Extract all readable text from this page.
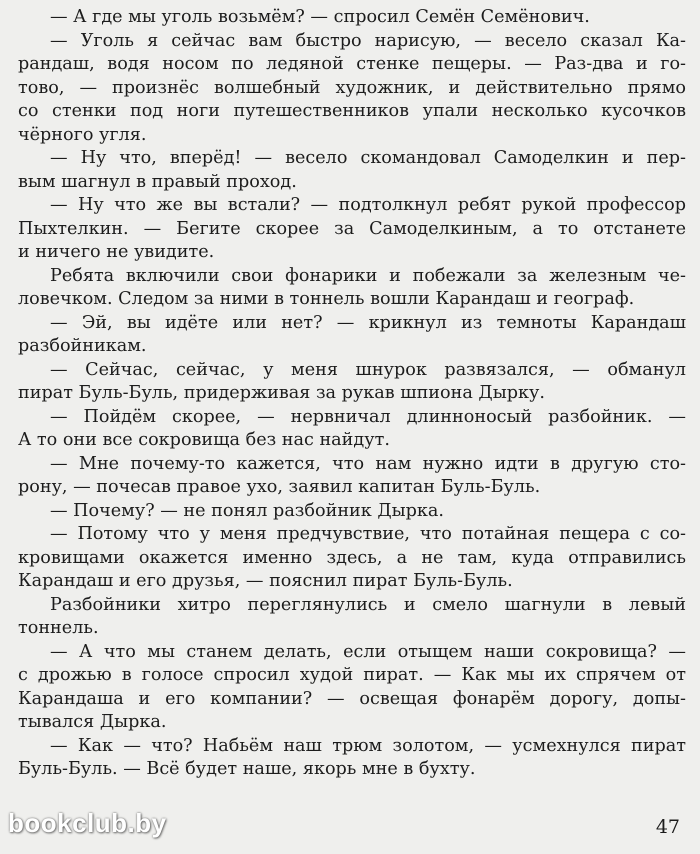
— А где мы уголь возьмём? — спросил Семён Семёнович.
— Уголь я сейчас вам быстро нарисую, — весело сказал Ка-
рандаш, водя носом по ледяной стенке пещеры. — Раз-два и го-
тово, — произнёс волшебный художник, и действительно прямо
со стенки под ноги путешественников упали несколько кусочков
чёрного угля.
— Ну что, вперёд! — весело скомандовал Самоделкин и пер-
вым шагнул в правый проход.
— Ну что же вы встали? — подтолкнул ребят рукой профессор
Пыхтелкин. — Бегите скорее за Самоделкиным, а то отстанете
и ничего не увидите.
Ребята включили свои фонарики и побежали за железным че-
ловечком. Следом за ними в тоннель вошли Карандаш и географ.
— Эй, вы идёте или нет? — крикнул из темноты Карандаш
разбойникам.
— Сейчас, сейчас, у меня шнурок развязался, — обманул
пират Буль-Буль, придерживая за рукав шпиона Дырку.
— Пойдём скорее, — нервничал длинноносый разбойник. —
А то они все сокровища без нас найдут.
— Мне почему-то кажется, что нам нужно идти в другую сто-
рону, — почесав правое ухо, заявил капитан Буль-Буль.
— Почему? — не понял разбойник Дырка.
— Потому что у меня предчувствие, что потайная пещера с со-
кровищами окажется именно здесь, а не там, куда отправились
Карандаш и его друзья, — пояснил пират Буль-Буль.
Разбойники хитро переглянулись и смело шагнули в левый
тоннель.
— А что мы станем делать, если отыщем наши сокровища? —
с дрожью в голосе спросил худой пират. — Как мы их спрячем от
Карандаша и его компании? — освещая фонарём дорогу, допы-
тывался Дырка.
— Как — что? Набьём наш трюм золотом, — усмехнулся пират
Буль-Буль. — Всё будет наше, якорь мне в бухту.
47
bookclub.by
